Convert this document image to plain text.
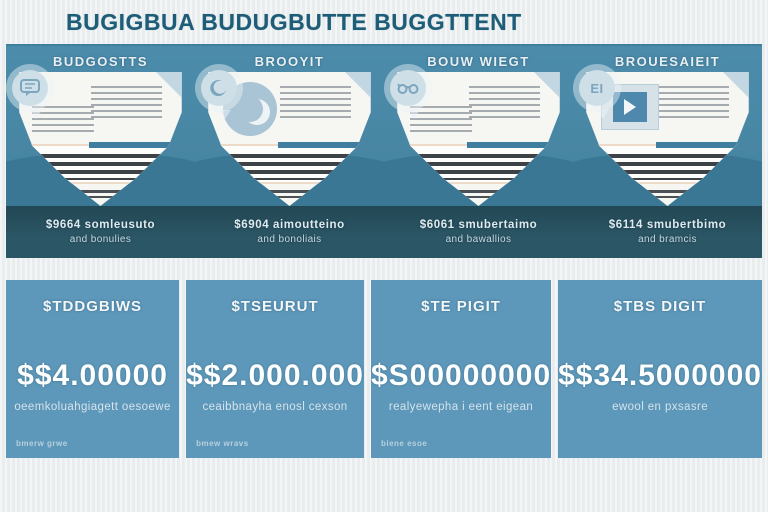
BUGIGBUA BUDUGBUTTE BUGGTTENT
BUDGOSTTS	BROOYIT	BOUW WIEGT	BROUESAIEIT
EI
$9664 somleusuto
and bonulies
$6904 aimoutteino
and bonoliais
$6061 smubertaimo
and bawallios
$6114 smubertbimo
and bramcis
$TDDGBIWS
$$4.00000
oeemkoluahgiagett oesoewe
bmerw grwe
$TSEURUT
$$2.000.000
ceaibbnayha enosl cexson
bmew wravs
$TE PIGIT
$S00000000
realyewepha i eent eigean
biene esoe
$TBS DIGIT
$$34.5000000
ewool en pxsasre
